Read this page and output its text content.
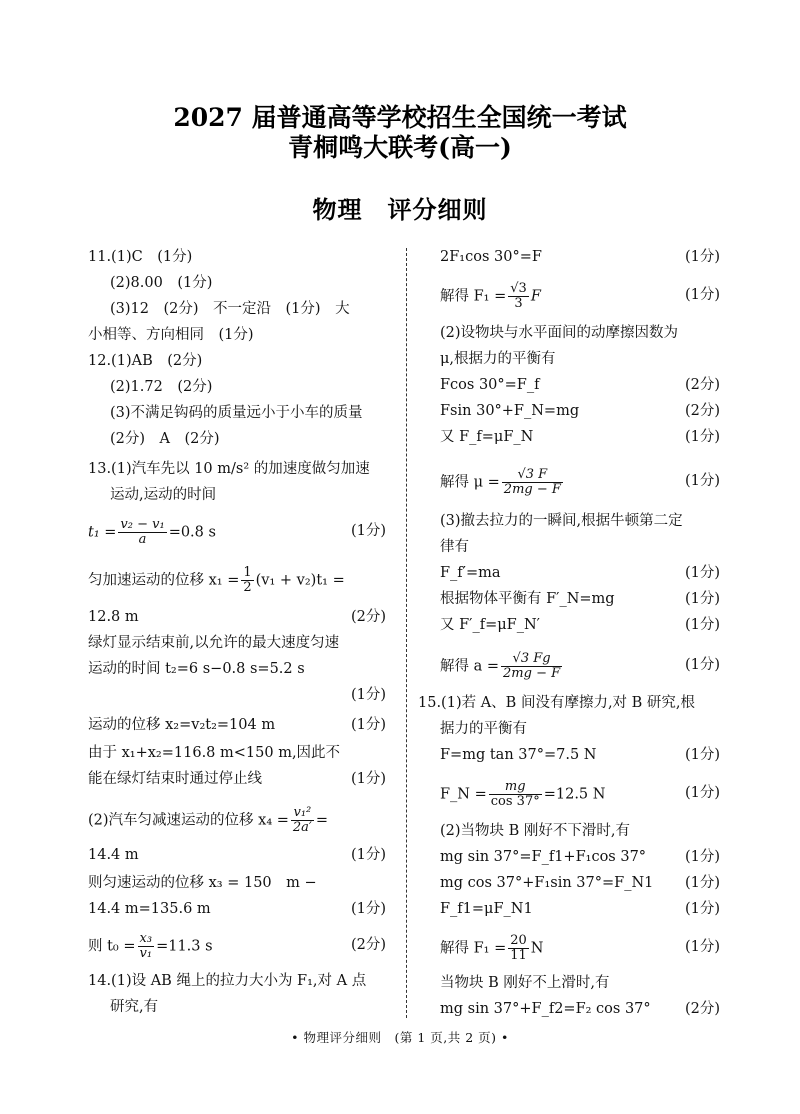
2027 届普通高等学校招生全国统一考试
青桐鸣大联考(高一)
物理　评分细则
11.(1)C　(1分)
(2)8.00　(1分)
(3)12　(2分)　不一定沿　(1分)　大
小相等、方向相同　(1分)
12.(1)AB　(2分)
(2)1.72　(2分)
(3)不满足钩码的质量远小于小车的质量
(2分)　A　(2分)
13.(1)汽车先以 10 m/s² 的加速度做匀加速
运动,运动的时间
$t_1 = \frac{\text{v₂ − v₁}}{a} =0.8$ s	(1分)
匀加速运动的位移 $x_1 = \frac{1}{2} (v_1 + v_2)t_1$ =
12.8 m	(2分)
绿灯显示结束前,以允许的最大速度匀速
运动的时间 t₂=6 s−0.8 s=5.2 s
(1分)
运动的位移 x₂=v₂t₂=104 m	(1分)
由于 x₁+x₂=116.8 m<150 m,因此不
能在绿灯结束时通过停止线	(1分)
(2)汽车匀减速运动的位移 $x_4 = \frac{\text{v₁²}}{2a'}$ =
14.4 m	(1分)
则匀速运动的位移 x₃ = 150　m −
14.4 m=135.6 m	(1分)
则 $t_0 = \frac{\text{x₃}}{\text{v₁}} =11.3$ s	(2分)
14.(1)设 AB 绳上的拉力大小为 F₁,对 A 点
研究,有
2F₁cos 30°=F	(1分)
解得 $F_1 = \frac{√3}{3}$ F	(1分)
(2)设物块与水平面间的动摩擦因数为
μ,根据力的平衡有
Fcos 30°=F_f	(2分)
Fsin 30°+F_N=mg	(2分)
又 F_f=μF_N	(1分)
解得 $\mu = \frac{√3 F}{2mg - F}$	(1分)
(3)撤去拉力的一瞬间,根据牛顿第二定
律有
F_f′=ma	(1分)
根据物体平衡有 F′_N=mg	(1分)
又 F′_f=μF_N′	(1分)
解得 $a = \frac{√3 Fg}{2mg - F}$	(1分)
15.(1)若 A、B 间没有摩擦力,对 B 研究,根
据力的平衡有
F=mg tan 37°=7.5 N	(1分)
F_N = $\frac{mg}{\cos 37^\circ} =12.5$ N	(1分)
(2)当物块 B 刚好不下滑时,有
mg sin 37°=F_f1+F₁cos 37°	(1分)
mg cos 37°+F₁sin 37°=F_N1 (1分)
F_f1=μF_N1	(1分)
解得 $F_1 = \frac{20}{11}$ N	(1分)
当物块 B 刚好不上滑时,有
mg sin 37°+F_f2=F₂ cos 37° (2分)
• 物理评分细则　(第 1 页,共 2 页) •
